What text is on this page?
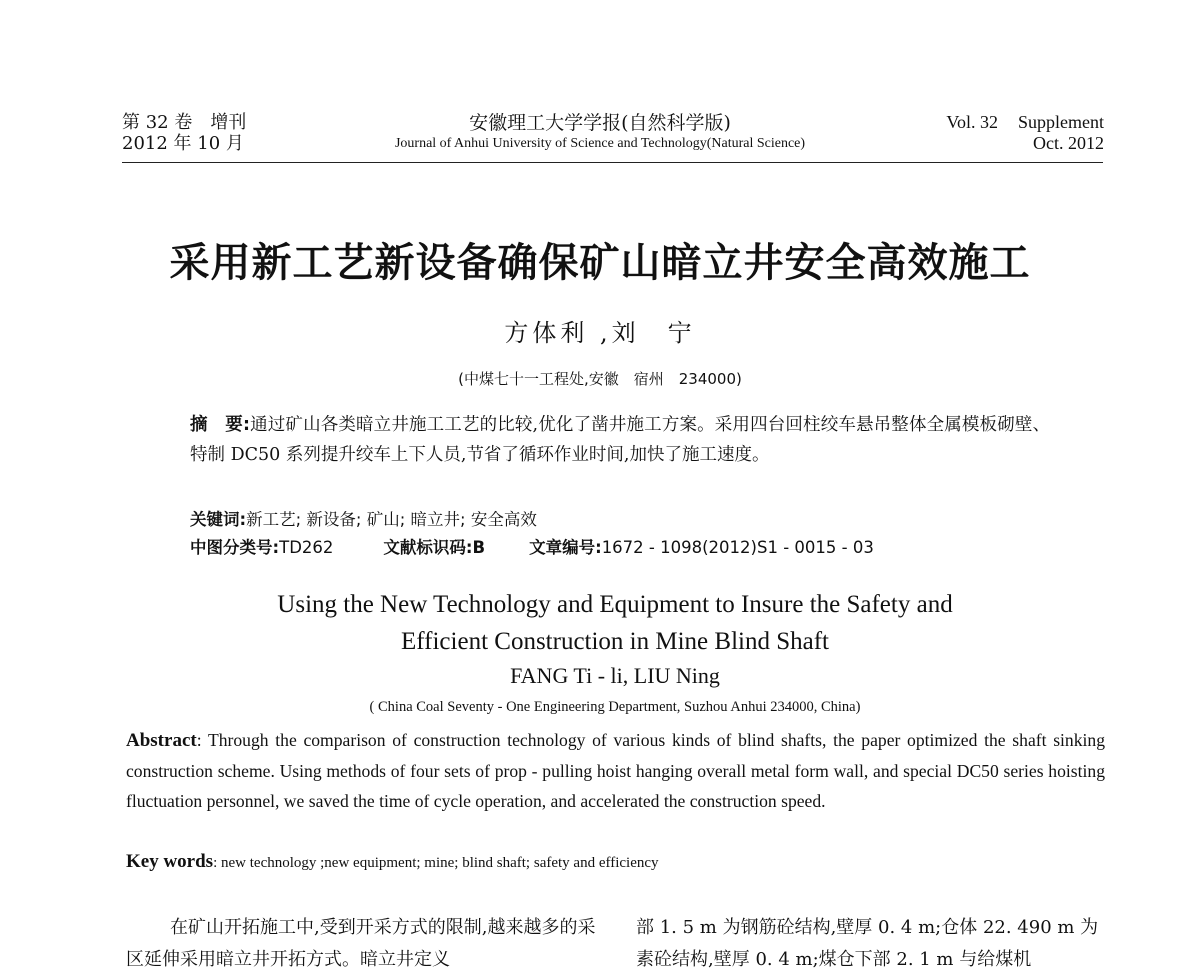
第 32 卷　增刊
2012 年 10 月
安徽理工大学学报(自然科学版)
Journal of Anhui University of Science and Technology(Natural Science)
Vol. 32 Supplement
Oct. 2012
采用新工艺新设备确保矿山暗立井安全高效施工
方体利 ,刘　宁
(中煤七十一工程处,安徽　宿州　234000)
摘　要:通过矿山各类暗立井施工工艺的比较,优化了凿井施工方案。采用四台回柱绞车悬吊整体全属模板砌壁、特制 DC50 系列提升绞车上下人员,节省了循环作业时间,加快了施工速度。
关键词:新工艺; 新设备; 矿山; 暗立井; 安全高效
中图分类号:TD262	文献标识码:B	文章编号:1672 - 1098(2012)S1 - 0015 - 03
Using the New Technology and Equipment to Insure the Safety and
Efficient Construction in Mine Blind Shaft
FANG Ti - li, LIU Ning
( China Coal Seventy - One Engineering Department, Suzhou Anhui 234000, China)
Abstract: Through the comparison of construction technology of various kinds of blind shafts, the paper optimized the shaft sinking construction scheme. Using methods of four sets of prop - pulling hoist hanging overall metal form wall, and special DC50 series hoisting fluctuation personnel, we saved the time of cycle operation, and accelerated the construction speed.
Key words: new technology ;new equipment; mine; blind shaft; safety and efficiency
在矿山开拓施工中,受到开采方式的限制,越来越多的采区延伸采用暗立井开拓方式。暗立井定义
部 1. 5 m 为钢筋砼结构,壁厚 0. 4 m;仓体 22. 490 m 为素砼结构,壁厚 0. 4 m;煤仓下部 2. 1 m 与给煤机
